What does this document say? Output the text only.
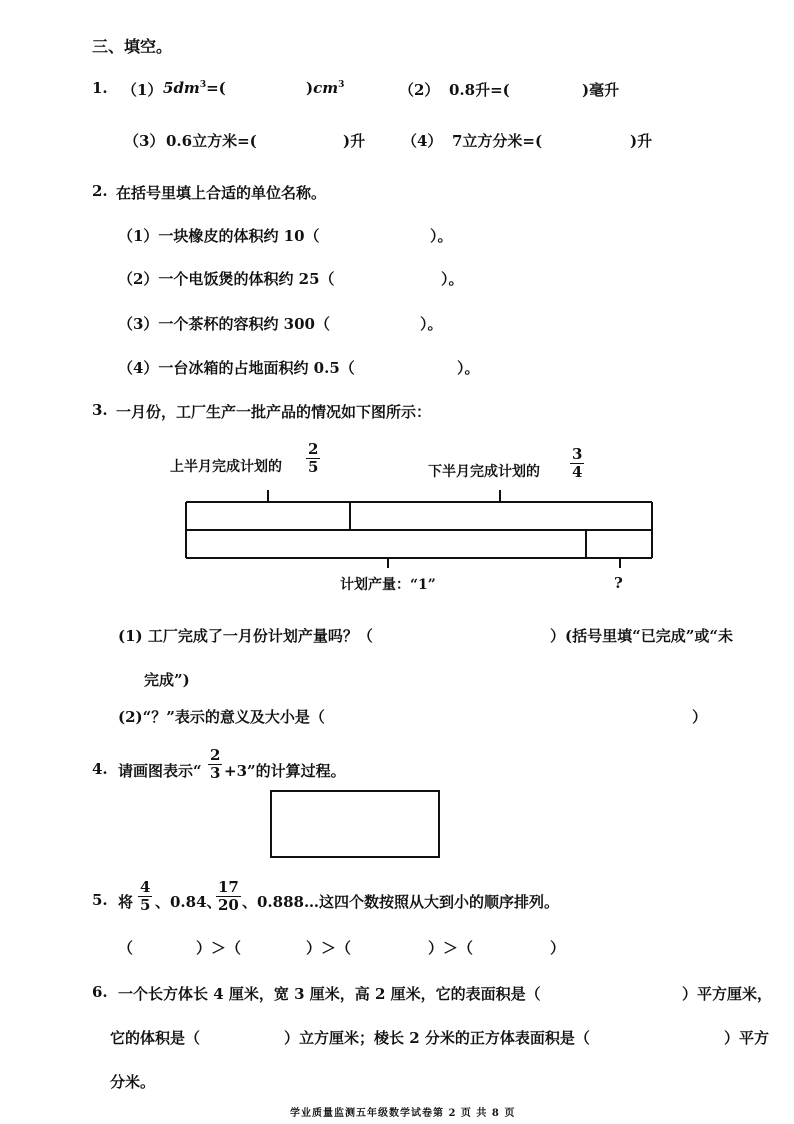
三、填空。
1. （1） $5dm^3=$(	)$cm^3$	（2） 0.8升=(	)毫升
（3） 0.6立方米=(	)升 （4） 7立方分米=(	)升
2. 在括号里填上合适的单位名称。
（1）一块橡皮的体积约 10（	）。
（2）一个电饭煲的体积约 25（	）。
（3）一个茶杯的容积约 300（	）。
（4）一台冰箱的占地面积约 0.5（	）。
3. 一月份，工厂生产一批产品的情况如下图所示：
上半月完成计划的 $\frac{2}{5}$	下半月完成计划的 $\frac{3}{4}$
计划产量：“1”	?
(1) 工厂完成了一月份计划产量吗？（	）(括号里填“已完成”或“未
完成”)
(2)“？”表示的意义及大小是（	）
4. 请画图表示“ $\frac{2}{3} +3$”的计算过程。
5. 将 $\frac{4}{5}$ 、0.84、
$\frac{17}{20}$ 、0.888…这四个数按照从大到小的顺序排列。
（	）＞（	）＞（	）＞（	）
6. 一个长方体长 4 厘米，宽 3 厘米，高 2 厘米，它的表面积是（	）平方厘米，
它的体积是（	）立方厘米；棱长 2 分米的正方体表面积是（	）平方
分米。
学业质量监测五年级数学试卷第 2 页 共 8 页
